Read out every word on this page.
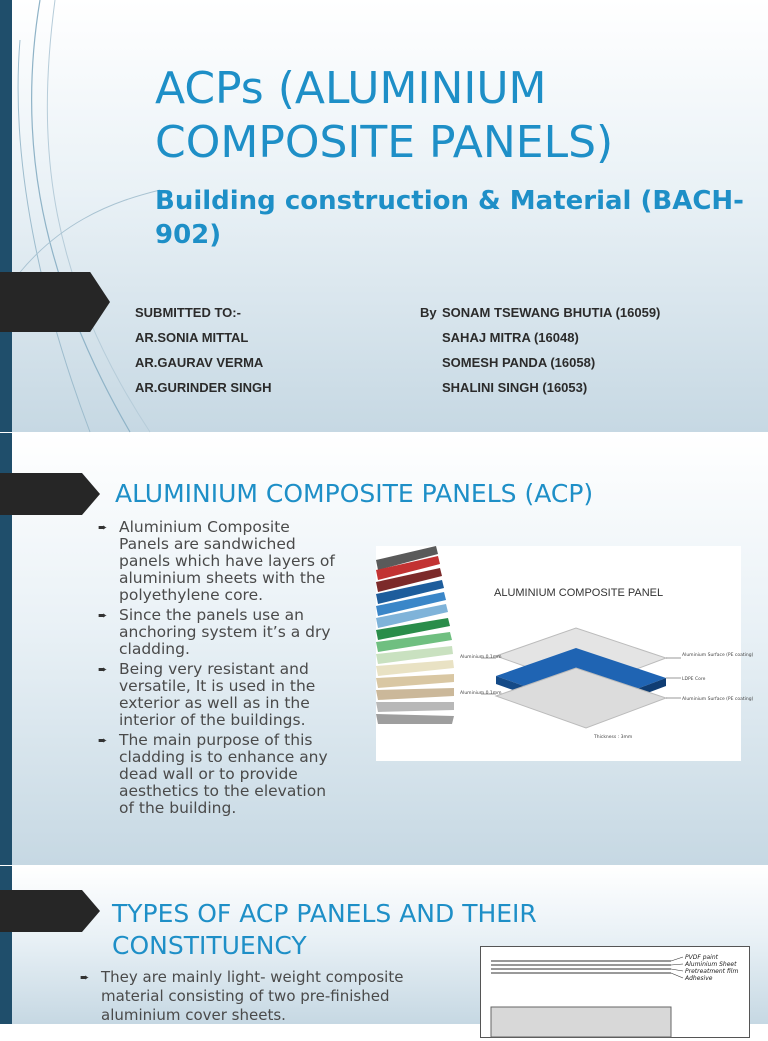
ACPs (ALUMINIUM COMPOSITE PANELS)
Building construction & Material (BACH-902)
SUBMITTED TO:-
AR.SONIA MITTAL
AR.GAURAV VERMA
AR.GURINDER SINGH
By SONAM TSEWANG BHUTIA (16059)
SAHAJ MITRA (16048)
SOMESH PANDA (16058)
SHALINI SINGH (16053)
ALUMINIUM COMPOSITE PANELS (ACP)
➨ Aluminium Composite Panels are sandwiched panels which have layers of aluminium sheets with the polyethylene core.
➨ Since the panels use an anchoring system it’s a dry cladding.
➨ Being very resistant and versatile, It is used in the exterior as well as in the interior of the buildings.
➨ The main purpose of this cladding is to enhance any dead wall or to provide aesthetics to the elevation of the building.
ALUMINIUM COMPOSITE PANEL
Aluminium 0.1mm
Aluminium 0.1mm
Aluminium Surface (PE coating)
LDPE Core
Aluminium Surface (PE coating)
Thickness : 3mm
TYPES OF ACP PANELS AND THEIR CONSTITUENCY
➨ They are mainly light- weight composite material consisting of two pre-finished aluminium cover sheets.
PVDF paint
Aluminium Sheet
Pretreatment film
Adhesive
